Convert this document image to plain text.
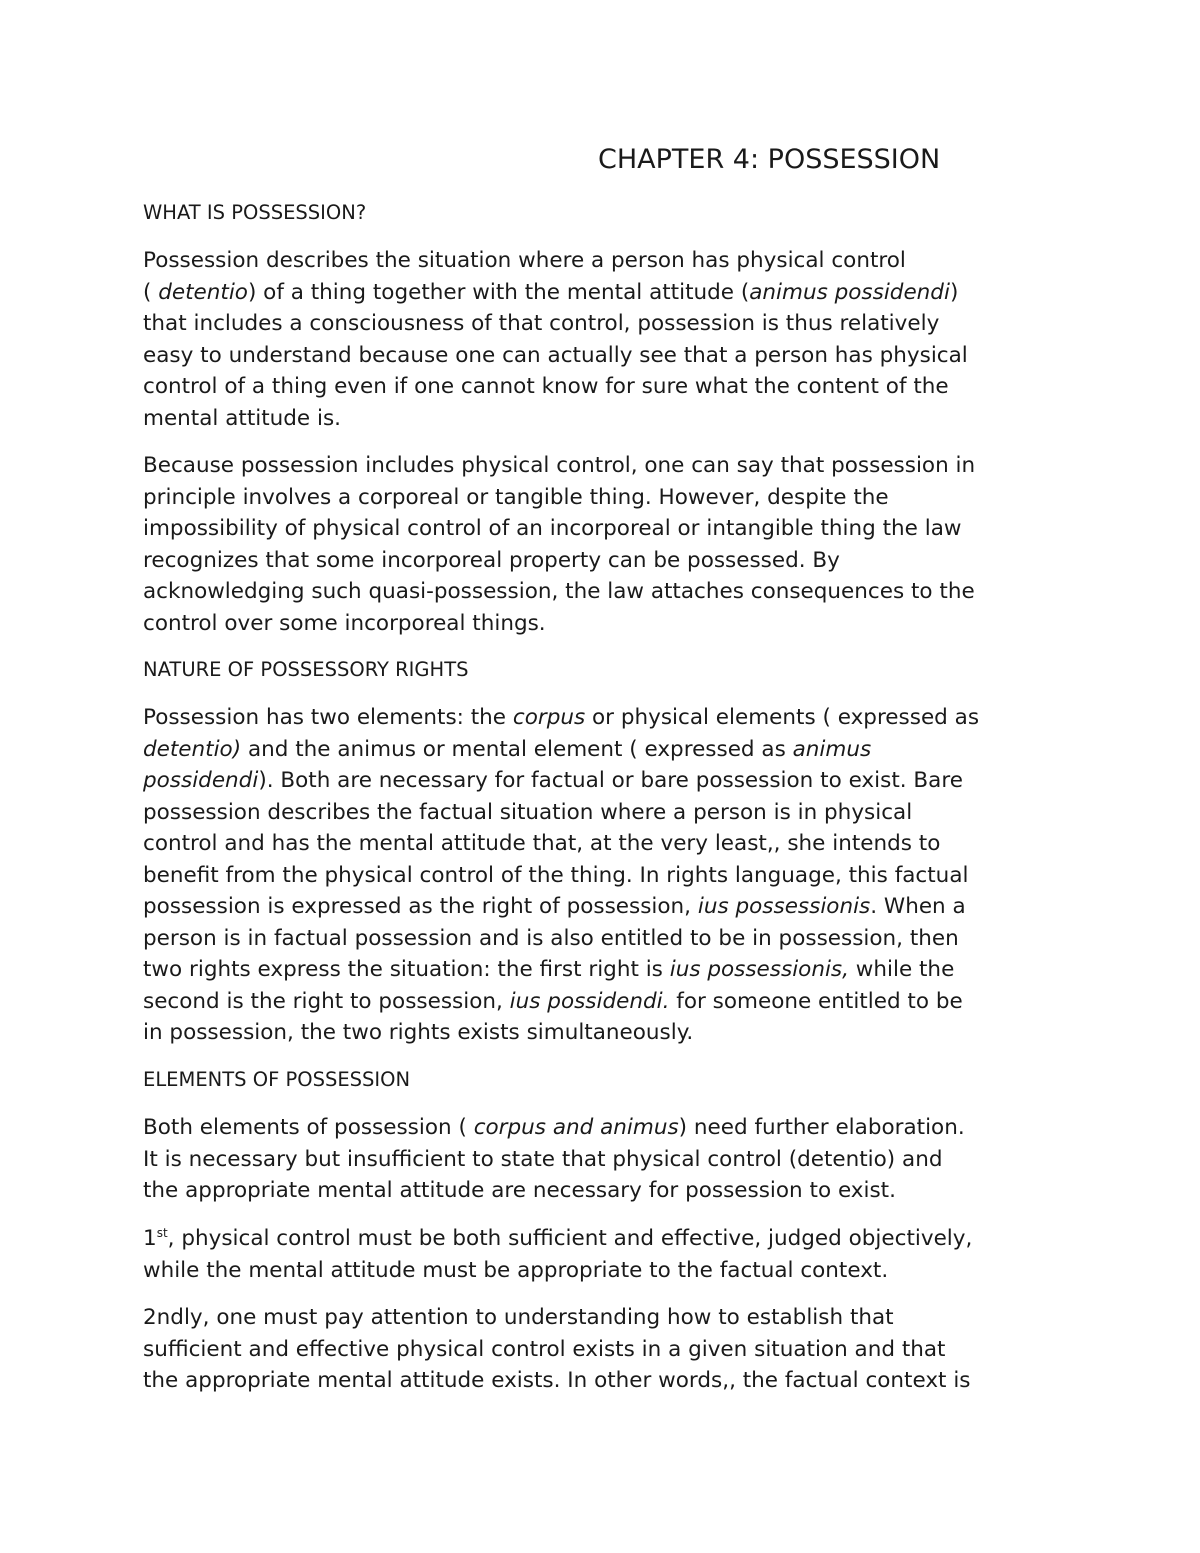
CHAPTER 4: POSSESSION
WHAT IS POSSESSION?
Possession describes the situation where a person has physical control
( detentio) of a thing together with the mental attitude (animus possidendi)
that includes a consciousness of that control, possession is thus relatively
easy to understand because one can actually see that a person has physical
control of a thing even if one cannot know for sure what the content of the
mental attitude is.
Because possession includes physical control, one can say that possession in
principle involves a corporeal or tangible thing. However, despite the
impossibility of physical control of an incorporeal or intangible thing the law
recognizes that some incorporeal property can be possessed. By
acknowledging such quasi-possession, the law attaches consequences to the
control over some incorporeal things.
NATURE OF POSSESSORY RIGHTS
Possession has two elements: the corpus or physical elements ( expressed as
detentio) and the animus or mental element ( expressed as animus
possidendi). Both are necessary for factual or bare possession to exist. Bare
possession describes the factual situation where a person is in physical
control and has the mental attitude that, at the very least,, she intends to
benefit from the physical control of the thing. In rights language, this factual
possession is expressed as the right of possession, ius possessionis. When a
person is in factual possession and is also entitled to be in possession, then
two rights express the situation: the first right is ius possessionis, while the
second is the right to possession, ius possidendi. for someone entitled to be
in possession, the two rights exists simultaneously.
ELEMENTS OF POSSESSION
Both elements of possession ( corpus and animus) need further elaboration.
It is necessary but insufficient to state that physical control (detentio) and
the appropriate mental attitude are necessary for possession to exist.
1st, physical control must be both sufficient and effective, judged objectively,
while the mental attitude must be appropriate to the factual context.
2ndly, one must pay attention to understanding how to establish that
sufficient and effective physical control exists in a given situation and that
the appropriate mental attitude exists. In other words,, the factual context is
